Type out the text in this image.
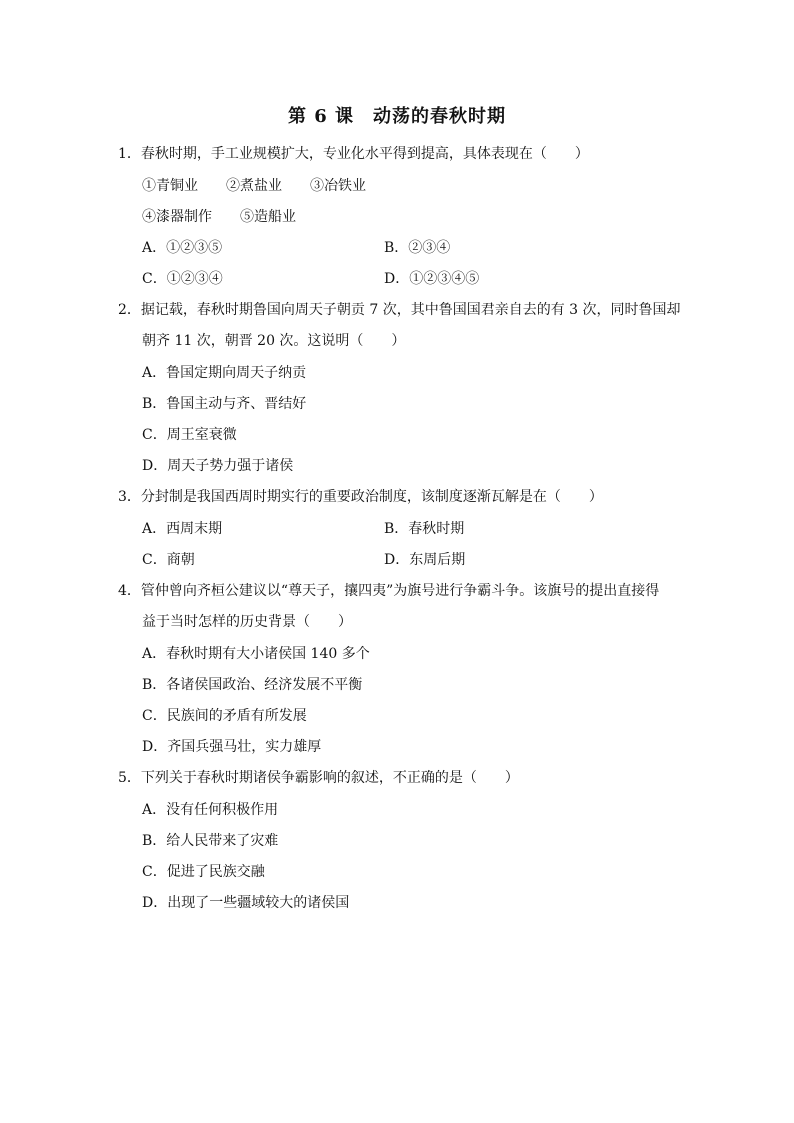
第 6 课　动荡的春秋时期
1．春秋时期，手工业规模扩大，专业化水平得到提高，具体表现在（　　）
①青铜业　　②煮盐业　　③冶铁业
④漆器制作　　⑤造船业
A．①②③⑤	B．②③④
C．①②③④	D．①②③④⑤
2．据记载，春秋时期鲁国向周天子朝贡 7 次，其中鲁国国君亲自去的有 3 次，同时鲁国却
朝齐 11 次，朝晋 20 次。这说明（　　）
A．鲁国定期向周天子纳贡
B．鲁国主动与齐、晋结好
C．周王室衰微
D．周天子势力强于诸侯
3．分封制是我国西周时期实行的重要政治制度，该制度逐渐瓦解是在（　　）
A．西周末期	B．春秋时期
C．商朝	D．东周后期
4．管仲曾向齐桓公建议以“尊天子，攘四夷”为旗号进行争霸斗争。该旗号的提出直接得
益于当时怎样的历史背景（　　）
A．春秋时期有大小诸侯国 140 多个
B．各诸侯国政治、经济发展不平衡
C．民族间的矛盾有所发展
D．齐国兵强马壮，实力雄厚
5．下列关于春秋时期诸侯争霸影响的叙述，不正确的是（　　）
A．没有任何积极作用
B．给人民带来了灾难
C．促进了民族交融
D．出现了一些疆域较大的诸侯国
